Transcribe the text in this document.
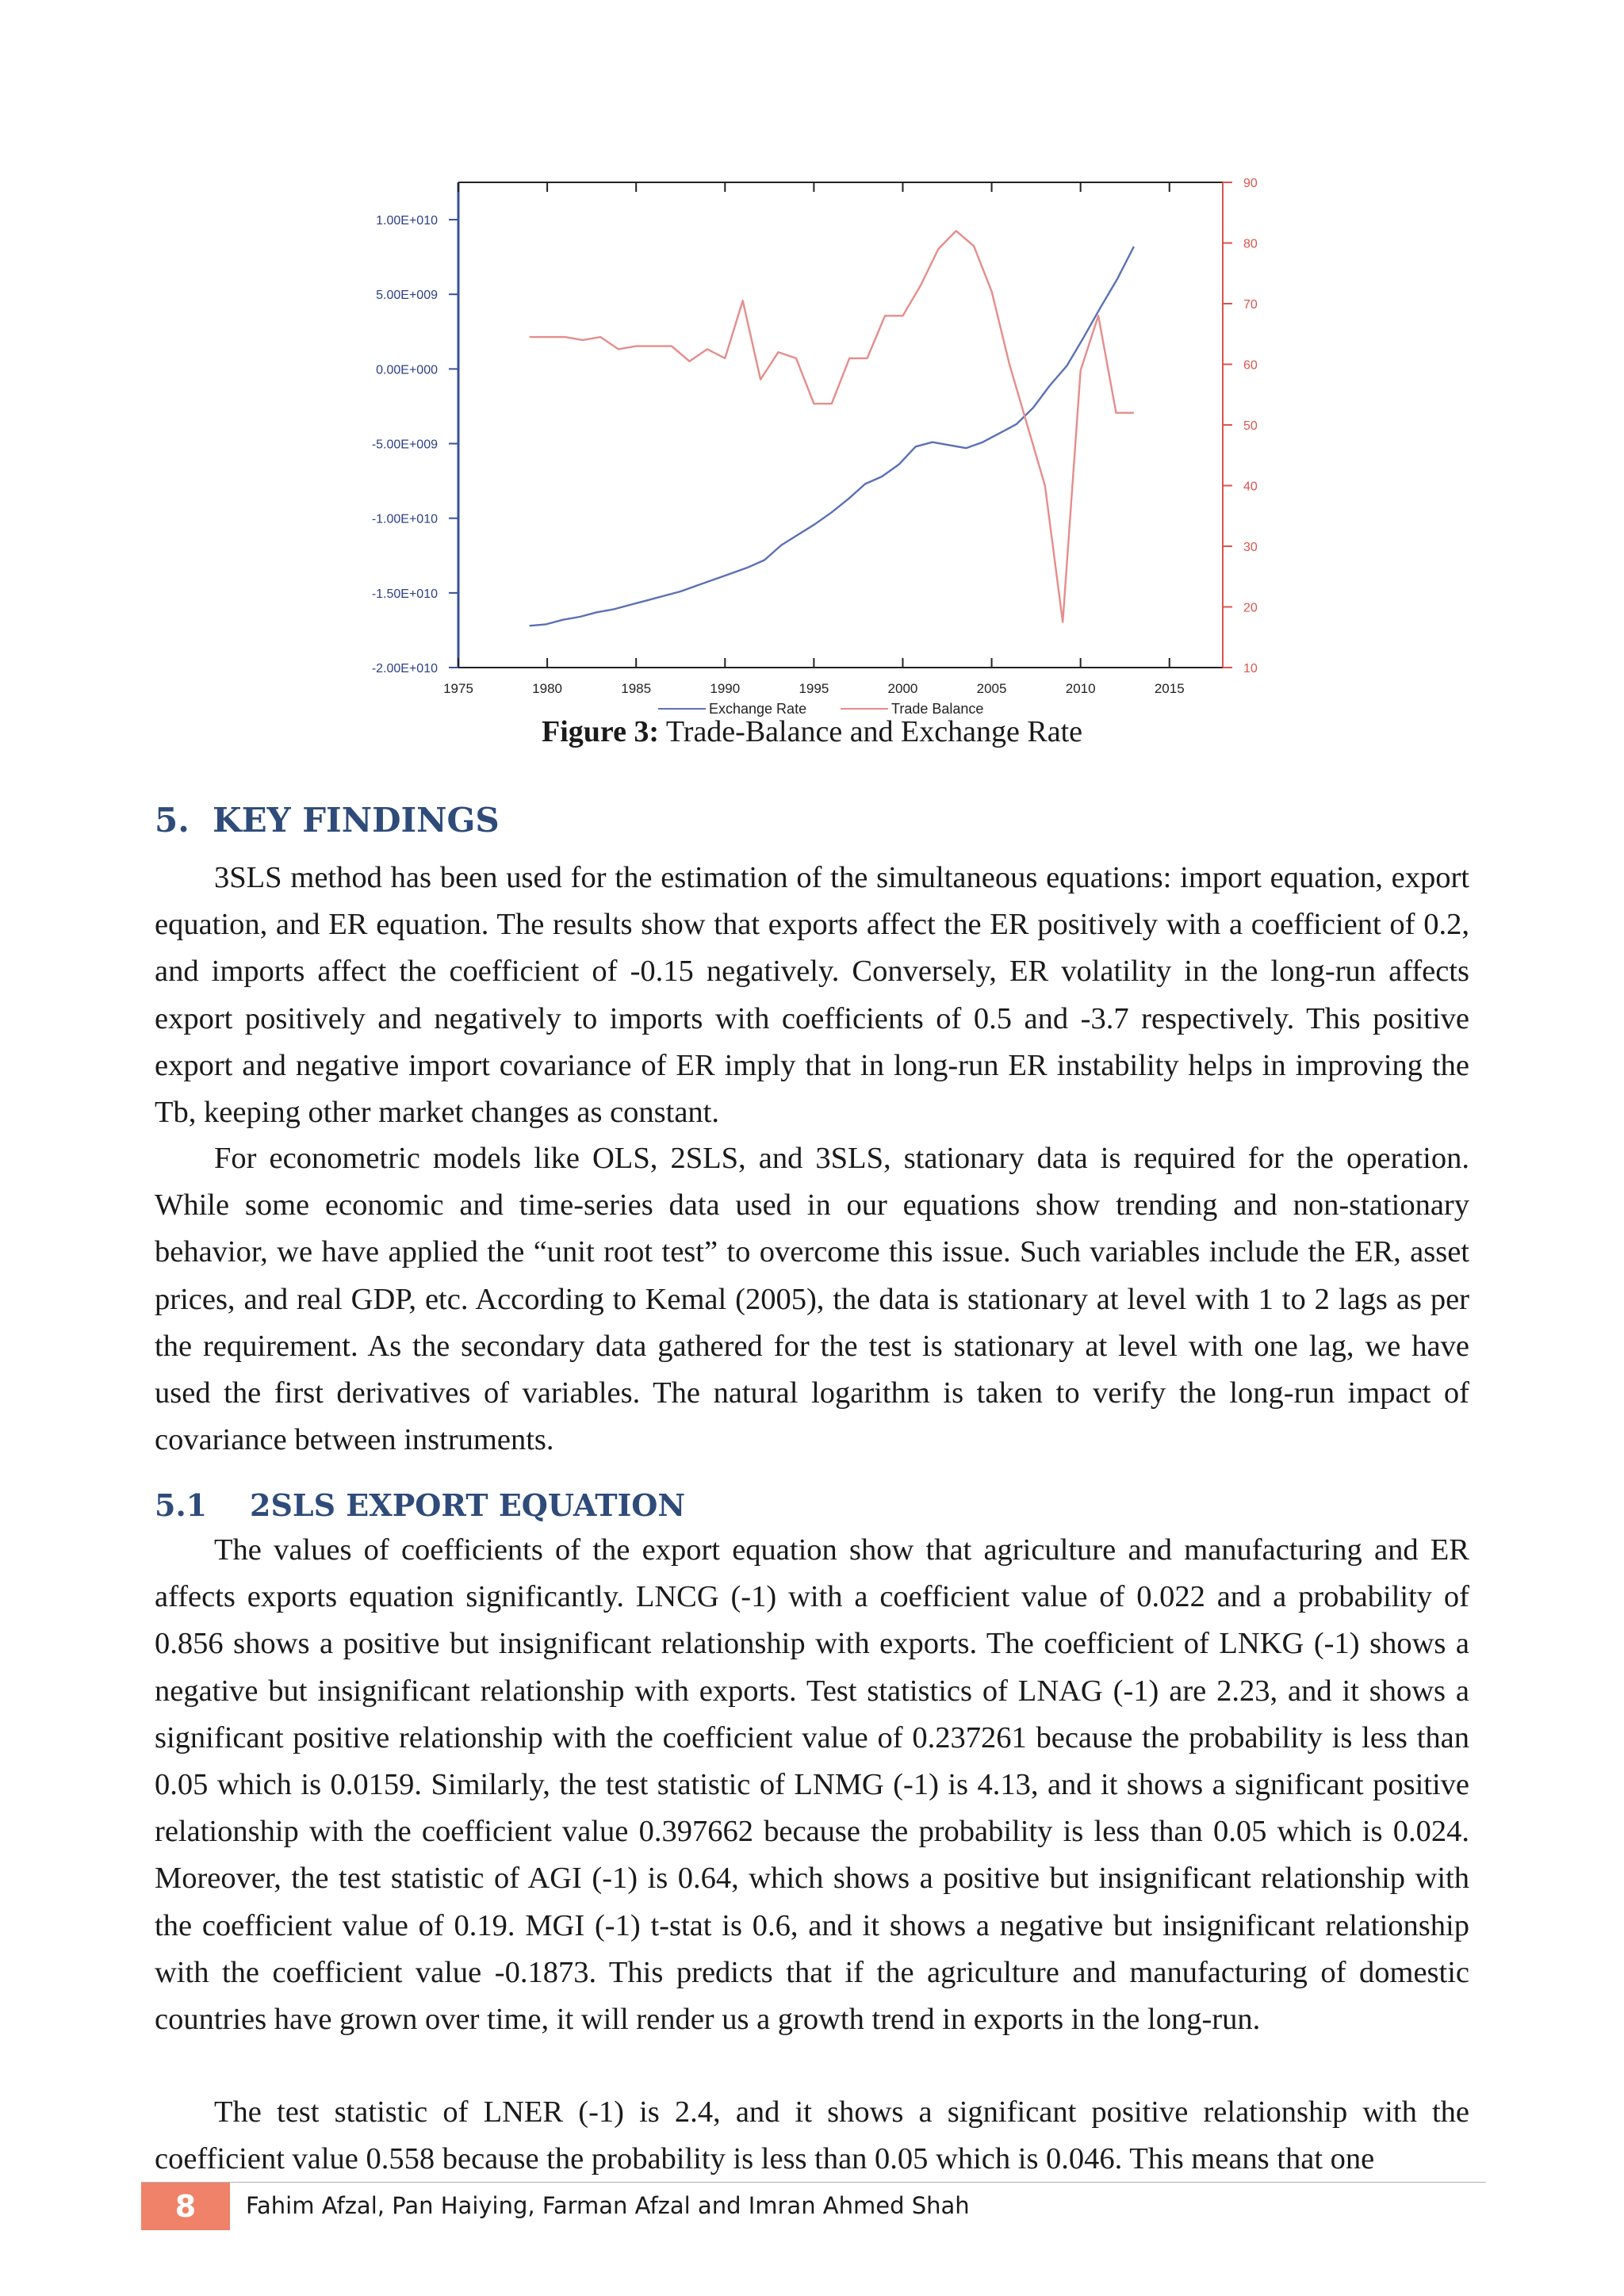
1975	1980	1985	1990	1995	2000	2005	2010	2015
-2.00E+010
-1.50E+010
-1.00E+010
-5.00E+009
0.00E+000
5.00E+009
1.00E+010
10
20
30
40
50
60
70
80
90
Exchange Rate	Trade Balance
Figure 3: Trade-Balance and Exchange Rate
5. KEY FINDINGS

3SLS method has been used for the estimation of the simultaneous equations: import equation, export equation, and ER equation. The results show that exports affect the ER positively with a coefficient of 0.2, and imports affect the coefficient of -0.15 negatively. Conversely, ER volatility in the long-run affects export positively and negatively to imports with coefficients of 0.5 and -3.7 respectively. This positive export and negative import covariance of ER imply that in long-run ER instability helps in improving the Tb, keeping other market changes as constant.

For econometric models like OLS, 2SLS, and 3SLS, stationary data is required for the operation. While some economic and time-series data used in our equations show trending and non-stationary behavior, we have applied the “unit root test” to overcome this issue. Such variables include the ER, asset prices, and real GDP, etc. According to Kemal (2005), the data is stationary at level with 1 to 2 lags as per the requirement. As the secondary data gathered for the test is stationary at level with one lag, we have used the first derivatives of variables. The natural logarithm is taken to verify the long-run impact of covariance between instruments.

5.1 2SLS EXPORT EQUATION

The values of coefficients of the export equation show that agriculture and manufacturing and ER affects exports equation significantly. LNCG (-1) with a coefficient value of 0.022 and a probability of 0.856 shows a positive but insignificant relationship with exports. The coefficient of LNKG (-1) shows a negative but insignificant relationship with exports. Test statistics of LNAG (-1) are 2.23, and it shows a significant positive relationship with the coefficient value of 0.237261 because the probability is less than 0.05 which is 0.0159. Similarly, the test statistic of LNMG (-1) is 4.13, and it shows a significant positive relationship with the coefficient value 0.397662 because the probability is less than 0.05 which is 0.024. Moreover, the test statistic of AGI (-1) is 0.64, which shows a positive but insignificant relationship with the coefficient value of 0.19. MGI (-1) t-stat is 0.6, and it shows a negative but insignificant relationship with the coefficient value -0.1873. This predicts that if the agriculture and manufacturing of domestic countries have grown over time, it will render us a growth trend in exports in the long-run.

The test statistic of LNER (-1) is 2.4, and it shows a significant positive relationship with the coefficient value 0.558 because the probability is less than 0.05 which is 0.046. This means that one

8	Fahim Afzal, Pan Haiying, Farman Afzal and Imran Ahmed Shah
